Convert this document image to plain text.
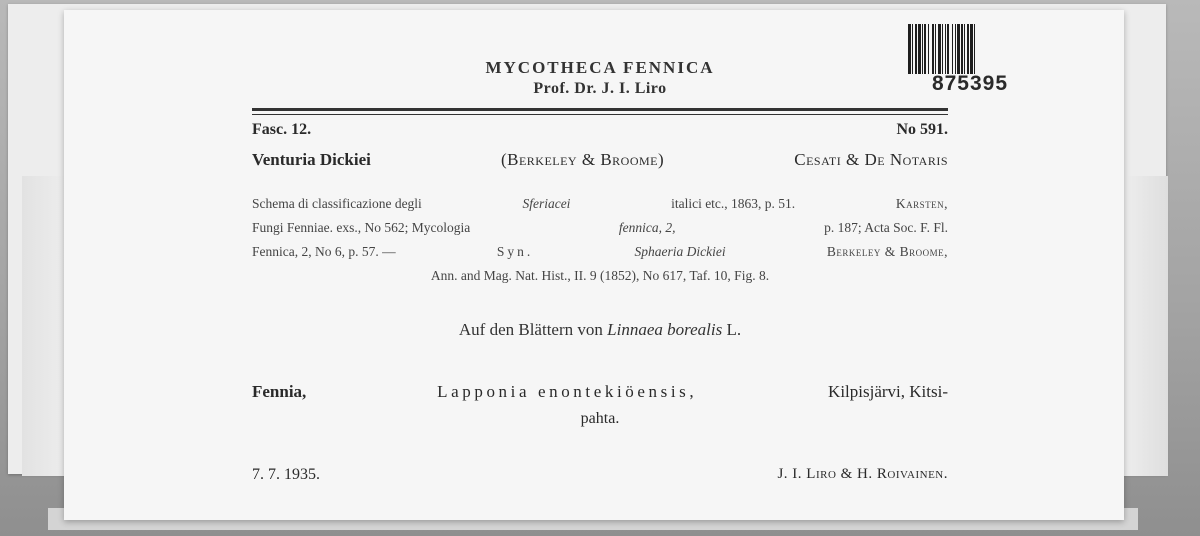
MYCOTHECA FENNICA
Prof. Dr. J. I. Liro	875395
Fasc. 12.	No 591.
Venturia Dickiei	(Berkeley & Broome)	Cesati & De Notaris
Schema di classificazione degli	Sferiacei	italici etc., 1863, p. 51.	Karsten,
Fungi Fenniae. exs., No 562; Mycologia	fennica, 2,	p. 187; Acta Soc. F. Fl.
Fennica, 2, No 6, p. 57. —	Syn.	Sphaeria Dickiei	Berkeley & Broome,
Ann. and Mag. Nat. Hist., II. 9 (1852), No 617, Taf. 10, Fig. 8.
Auf den Blättern von Linnaea borealis L.
Fennia,	Lapponia enontekiöensis,	Kilpisjärvi, Kitsi-
pahta.
7. 7. 1935.	J. I. Liro & H. Roivainen.
